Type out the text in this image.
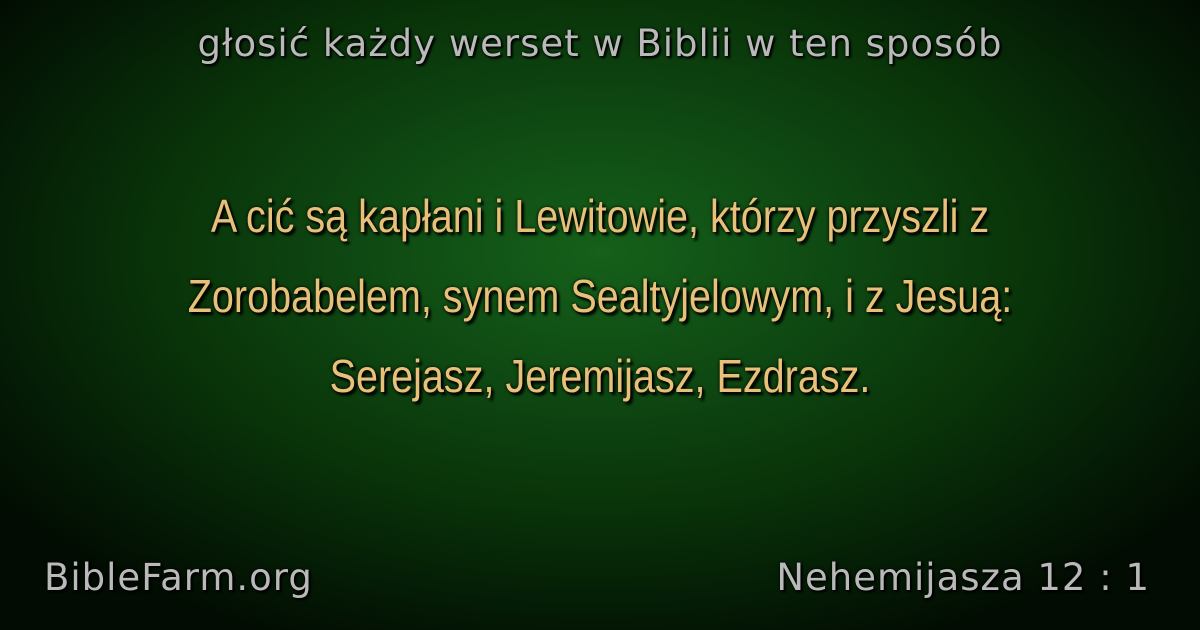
głosić każdy werset w Biblii w ten sposób
A cić są kapłani i Lewitowie, którzy przyszli z Zorobabelem, synem Sealtyjelowym, i z Jesuą: Serejasz, Jeremijasz, Ezdrasz.
BibleFarm.org	Nehemijasza 12 : 1
